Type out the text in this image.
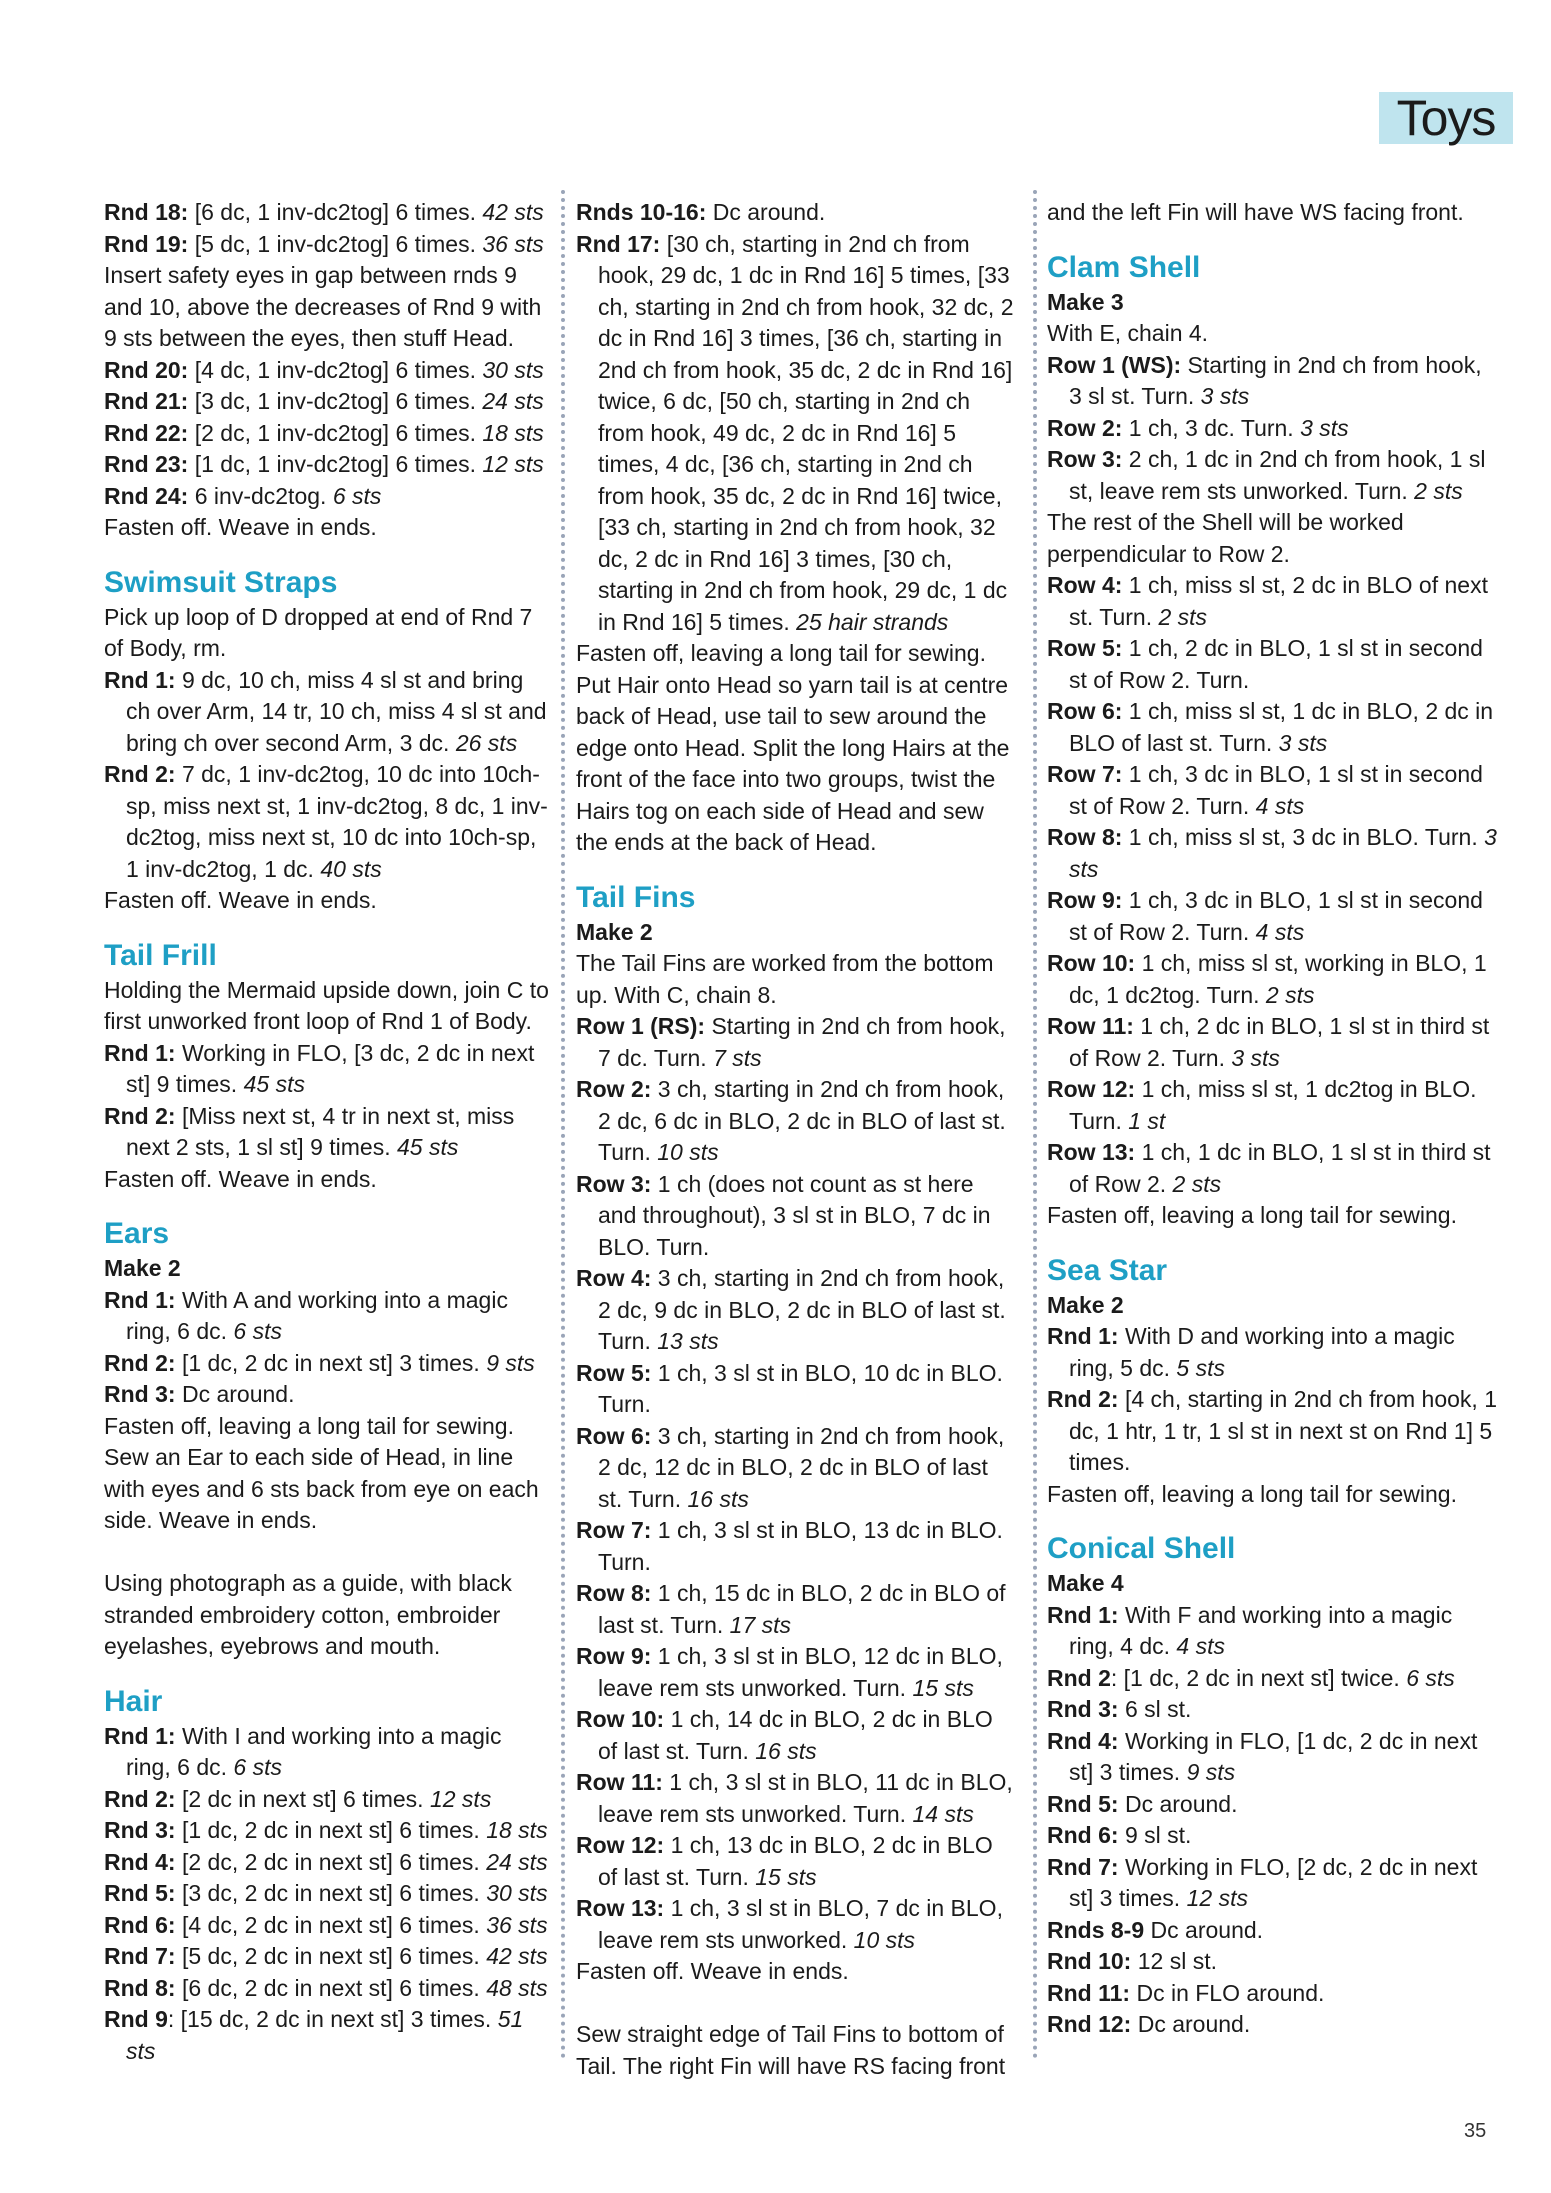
Toys

Rnd 18: [6 dc, 1 inv-dc2tog] 6 times. 42 sts

Rnd 19: [5 dc, 1 inv-dc2tog] 6 times. 36 sts

Insert safety eyes in gap between rnds 9 and 10, above the decreases of Rnd 9 with 9 sts between the eyes, then stuff Head.

Rnd 20: [4 dc, 1 inv-dc2tog] 6 times. 30 sts

Rnd 21: [3 dc, 1 inv-dc2tog] 6 times. 24 sts

Rnd 22: [2 dc, 1 inv-dc2tog] 6 times. 18 sts

Rnd 23: [1 dc, 1 inv-dc2tog] 6 times. 12 sts

Rnd 24: 6 inv-dc2tog. 6 sts

Fasten off. Weave in ends.

Swimsuit Straps

Pick up loop of D dropped at end of Rnd 7 of Body, rm.

Rnd 1: 9 dc, 10 ch, miss 4 sl st and bring ch over Arm, 14 tr, 10 ch, miss 4 sl st and bring ch over second Arm, 3 dc. 26 sts

Rnd 2: 7 dc, 1 inv-dc2tog, 10 dc into 10ch-sp, miss next st, 1 inv-dc2tog, 8 dc, 1 inv-dc2tog, miss next st, 10 dc into 10ch-sp, 1 inv-dc2tog, 1 dc. 40 sts

Fasten off. Weave in ends.

Tail Frill

Holding the Mermaid upside down, join C to first unworked front loop of Rnd 1 of Body.

Rnd 1: Working in FLO, [3 dc, 2 dc in next st] 9 times. 45 sts

Rnd 2: [Miss next st, 4 tr in next st, miss next 2 sts, 1 sl st] 9 times. 45 sts

Fasten off. Weave in ends.

Ears

Make 2

Rnd 1: With A and working into a magic ring, 6 dc. 6 sts

Rnd 2: [1 dc, 2 dc in next st] 3 times. 9 sts

Rnd 3: Dc around.

Fasten off, leaving a long tail for sewing. Sew an Ear to each side of Head, in line with eyes and 6 sts back from eye on each side. Weave in ends.

Using photograph as a guide, with black stranded embroidery cotton, embroider eyelashes, eyebrows and mouth.

Hair

Rnd 1: With I and working into a magic ring, 6 dc. 6 sts

Rnd 2: [2 dc in next st] 6 times. 12 sts

Rnd 3: [1 dc, 2 dc in next st] 6 times. 18 sts

Rnd 4: [2 dc, 2 dc in next st] 6 times. 24 sts

Rnd 5: [3 dc, 2 dc in next st] 6 times. 30 sts

Rnd 6: [4 dc, 2 dc in next st] 6 times. 36 sts

Rnd 7: [5 dc, 2 dc in next st] 6 times. 42 sts

Rnd 8: [6 dc, 2 dc in next st] 6 times. 48 sts

Rnd 9: [15 dc, 2 dc in next st] 3 times. 51 sts

Rnds 10-16: Dc around.

Rnd 17: [30 ch, starting in 2nd ch from hook, 29 dc, 1 dc in Rnd 16] 5 times, [33 ch, starting in 2nd ch from hook, 32 dc, 2 dc in Rnd 16] 3 times, [36 ch, starting in 2nd ch from hook, 35 dc, 2 dc in Rnd 16] twice, 6 dc, [50 ch, starting in 2nd ch from hook, 49 dc, 2 dc in Rnd 16] 5 times, 4 dc, [36 ch, starting in 2nd ch from hook, 35 dc, 2 dc in Rnd 16] twice, [33 ch, starting in 2nd ch from hook, 32 dc, 2 dc in Rnd 16] 3 times, [30 ch, starting in 2nd ch from hook, 29 dc, 1 dc in Rnd 16] 5 times. 25 hair strands

Fasten off, leaving a long tail for sewing. Put Hair onto Head so yarn tail is at centre back of Head, use tail to sew around the edge onto Head. Split the long Hairs at the front of the face into two groups, twist the Hairs tog on each side of Head and sew the ends at the back of Head.

Tail Fins

Make 2

The Tail Fins are worked from the bottom up. With C, chain 8.

Row 1 (RS): Starting in 2nd ch from hook, 7 dc. Turn. 7 sts

Row 2: 3 ch, starting in 2nd ch from hook, 2 dc, 6 dc in BLO, 2 dc in BLO of last st. Turn. 10 sts

Row 3: 1 ch (does not count as st here and throughout), 3 sl st in BLO, 7 dc in BLO. Turn.

Row 4: 3 ch, starting in 2nd ch from hook, 2 dc, 9 dc in BLO, 2 dc in BLO of last st. Turn. 13 sts

Row 5: 1 ch, 3 sl st in BLO, 10 dc in BLO. Turn.

Row 6: 3 ch, starting in 2nd ch from hook, 2 dc, 12 dc in BLO, 2 dc in BLO of last st. Turn. 16 sts

Row 7: 1 ch, 3 sl st in BLO, 13 dc in BLO. Turn.

Row 8: 1 ch, 15 dc in BLO, 2 dc in BLO of last st. Turn. 17 sts

Row 9: 1 ch, 3 sl st in BLO, 12 dc in BLO, leave rem sts unworked. Turn. 15 sts

Row 10: 1 ch, 14 dc in BLO, 2 dc in BLO of last st. Turn. 16 sts

Row 11: 1 ch, 3 sl st in BLO, 11 dc in BLO, leave rem sts unworked. Turn. 14 sts

Row 12: 1 ch, 13 dc in BLO, 2 dc in BLO of last st. Turn. 15 sts

Row 13: 1 ch, 3 sl st in BLO, 7 dc in BLO, leave rem sts unworked. 10 sts

Fasten off. Weave in ends.

Sew straight edge of Tail Fins to bottom of Tail. The right Fin will have RS facing front

and the left Fin will have WS facing front.

Clam Shell

Make 3

With E, chain 4.

Row 1 (WS): Starting in 2nd ch from hook, 3 sl st. Turn. 3 sts

Row 2: 1 ch, 3 dc. Turn. 3 sts

Row 3: 2 ch, 1 dc in 2nd ch from hook, 1 sl st, leave rem sts unworked. Turn. 2 sts

The rest of the Shell will be worked perpendicular to Row 2.

Row 4: 1 ch, miss sl st, 2 dc in BLO of next st. Turn. 2 sts

Row 5: 1 ch, 2 dc in BLO, 1 sl st in second st of Row 2. Turn.

Row 6: 1 ch, miss sl st, 1 dc in BLO, 2 dc in BLO of last st. Turn. 3 sts

Row 7: 1 ch, 3 dc in BLO, 1 sl st in second st of Row 2. Turn. 4 sts

Row 8: 1 ch, miss sl st, 3 dc in BLO. Turn. 3 sts

Row 9: 1 ch, 3 dc in BLO, 1 sl st in second st of Row 2. Turn. 4 sts

Row 10: 1 ch, miss sl st, working in BLO, 1 dc, 1 dc2tog. Turn. 2 sts

Row 11: 1 ch, 2 dc in BLO, 1 sl st in third st of Row 2. Turn. 3 sts

Row 12: 1 ch, miss sl st, 1 dc2tog in BLO. Turn. 1 st

Row 13: 1 ch, 1 dc in BLO, 1 sl st in third st of Row 2. 2 sts

Fasten off, leaving a long tail for sewing.

Sea Star

Make 2

Rnd 1: With D and working into a magic ring, 5 dc. 5 sts

Rnd 2: [4 ch, starting in 2nd ch from hook, 1 dc, 1 htr, 1 tr, 1 sl st in next st on Rnd 1] 5 times.

Fasten off, leaving a long tail for sewing.

Conical Shell

Make 4

Rnd 1: With F and working into a magic ring, 4 dc. 4 sts

Rnd 2: [1 dc, 2 dc in next st] twice. 6 sts

Rnd 3: 6 sl st.

Rnd 4: Working in FLO, [1 dc, 2 dc in next st] 3 times. 9 sts

Rnd 5: Dc around.

Rnd 6: 9 sl st.

Rnd 7: Working in FLO, [2 dc, 2 dc in next st] 3 times. 12 sts

Rnds 8-9 Dc around.

Rnd 10: 12 sl st.

Rnd 11: Dc in FLO around.

Rnd 12: Dc around.

35
